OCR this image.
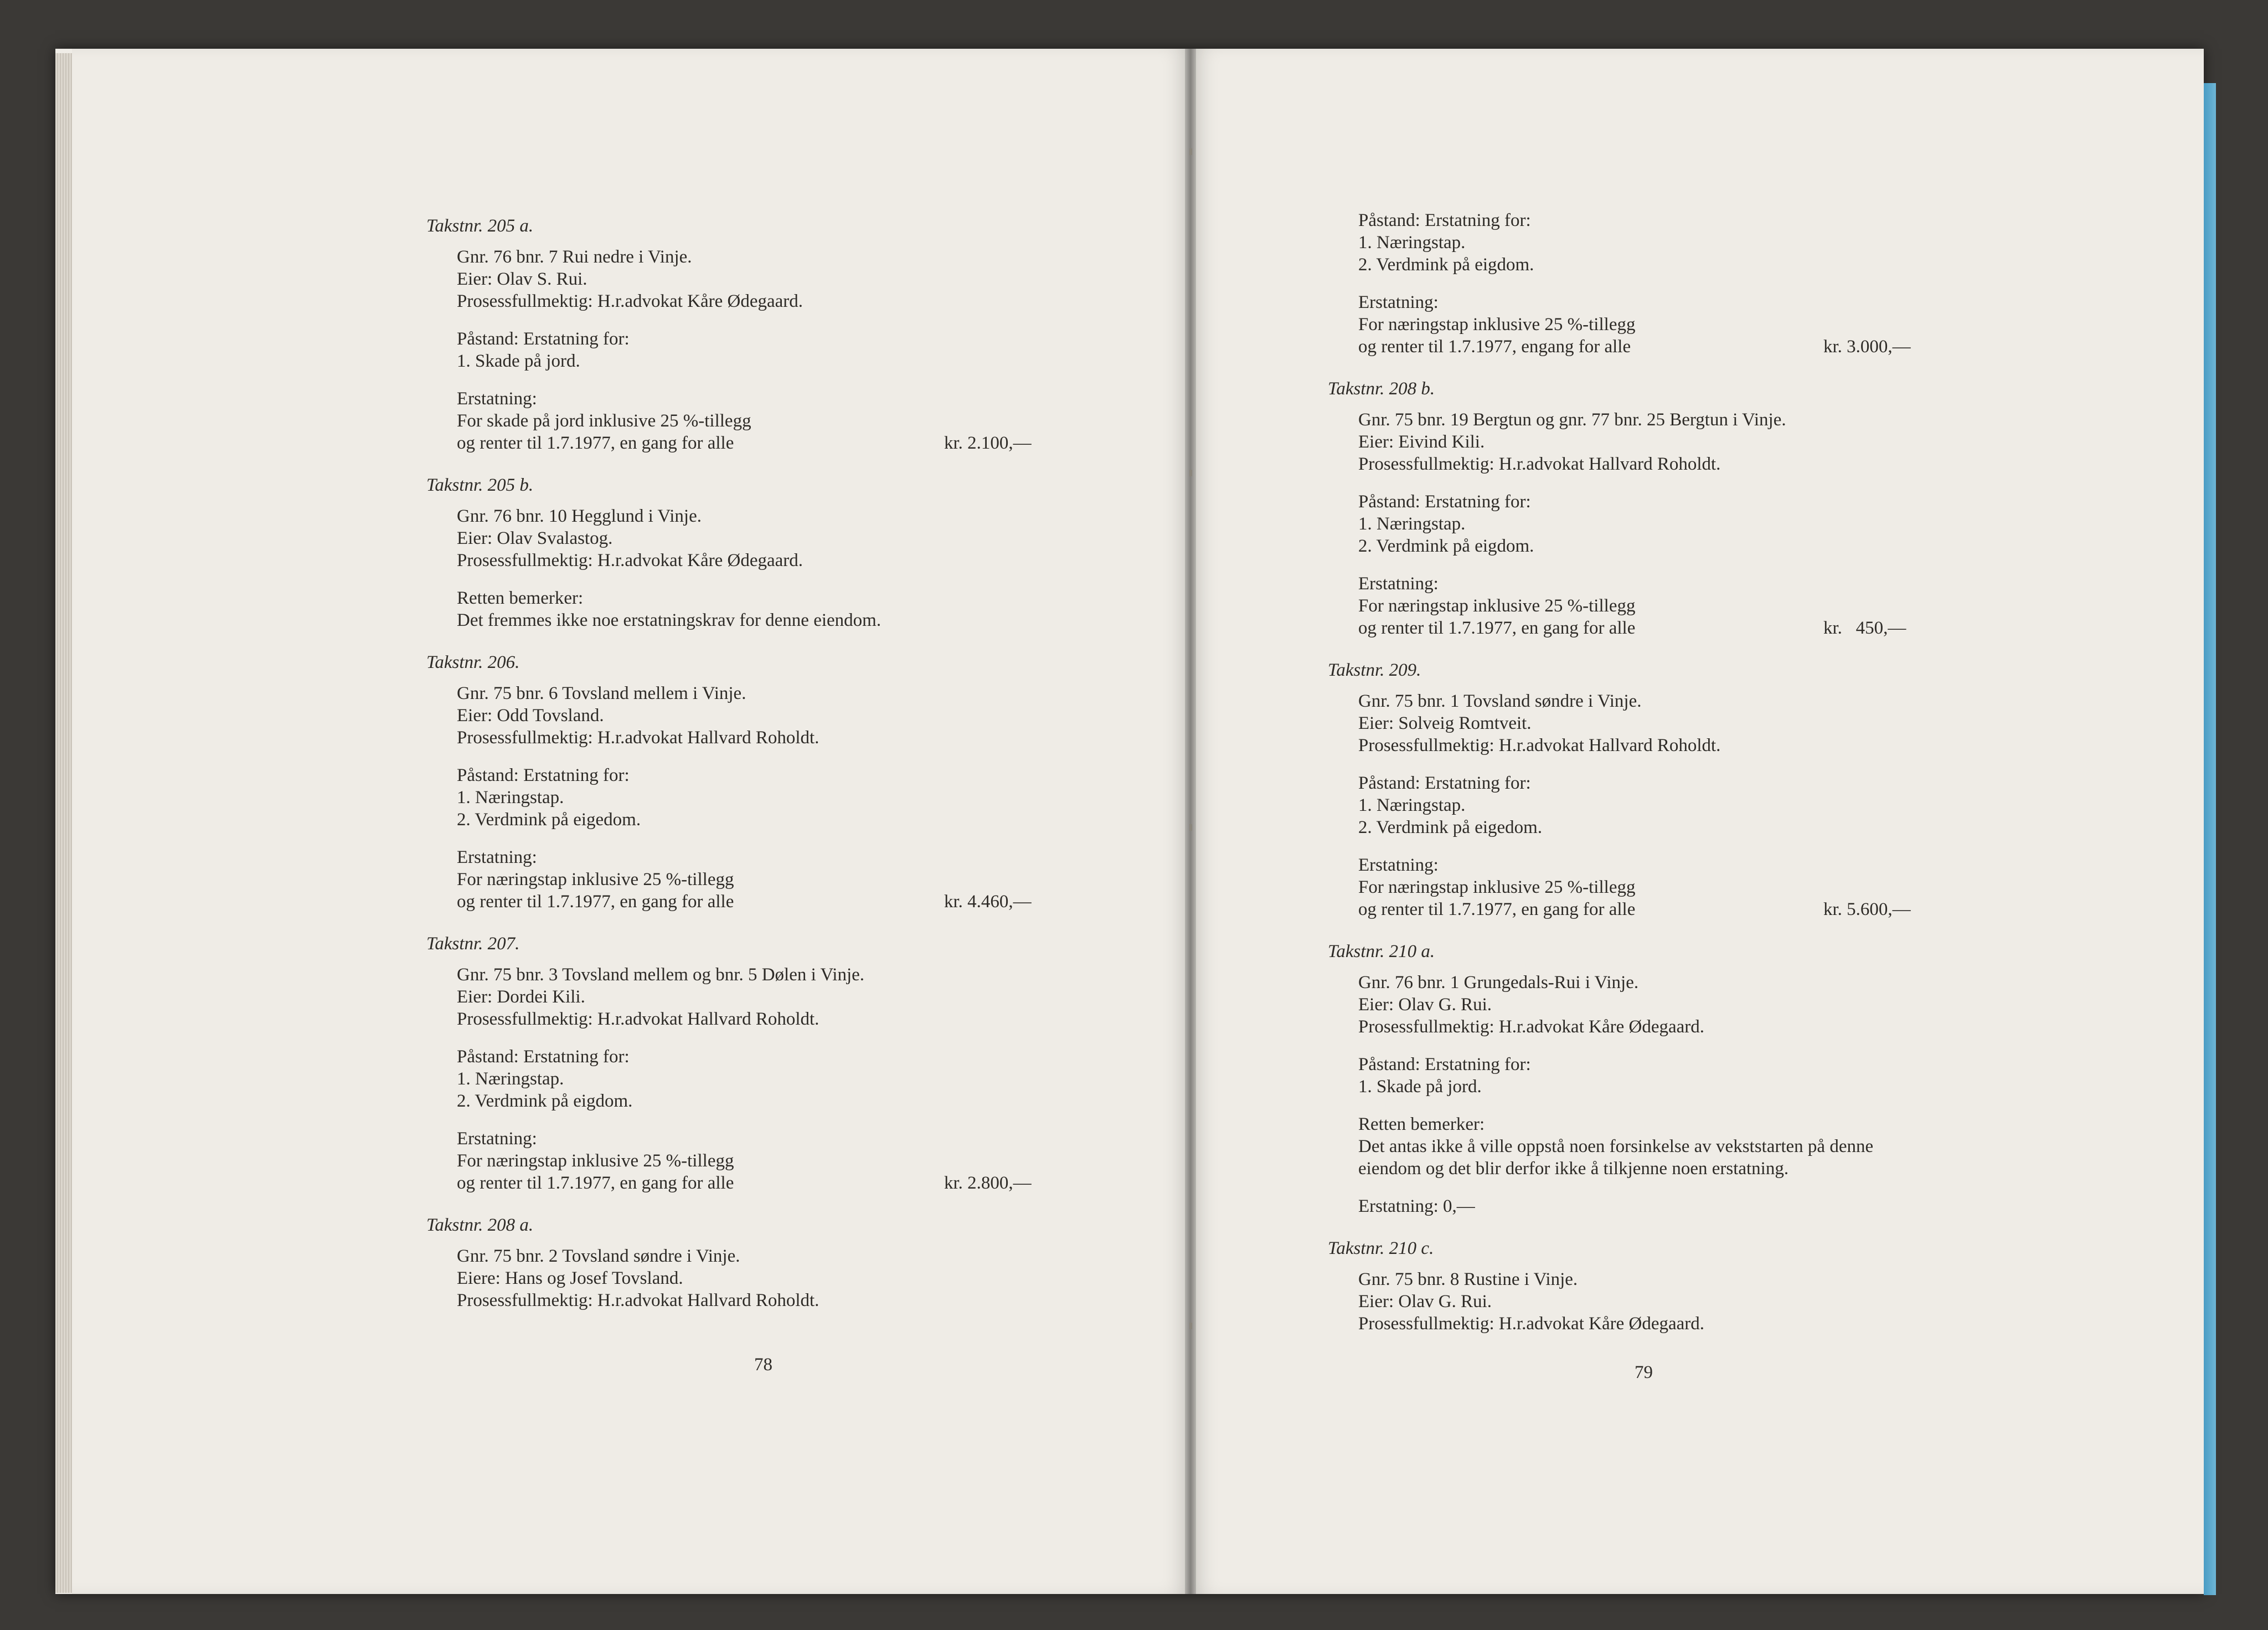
Takstnr. 205 a.
Gnr. 76 bnr. 7 Rui nedre i Vinje.
Eier: Olav S. Rui.
Prosessfullmektig: H.r.advokat Kåre Ødegaard.
Påstand: Erstatning for:
1. Skade på jord.
Erstatning:
For skade på jord inklusive 25 %-tillegg
og renter til 1.7.1977, en gang for alle	kr. 2.100,—
Takstnr. 205 b.
Gnr. 76 bnr. 10 Hegglund i Vinje.
Eier: Olav Svalastog.
Prosessfullmektig: H.r.advokat Kåre Ødegaard.
Retten bemerker:
Det fremmes ikke noe erstatningskrav for denne eiendom.
Takstnr. 206.
Gnr. 75 bnr. 6 Tovsland mellem i Vinje.
Eier: Odd Tovsland.
Prosessfullmektig: H.r.advokat Hallvard Roholdt.
Påstand: Erstatning for:
1. Næringstap.
2. Verdmink på eigedom.
Erstatning:
For næringstap inklusive 25 %-tillegg
og renter til 1.7.1977, en gang for alle	kr. 4.460,—
Takstnr. 207.
Gnr. 75 bnr. 3 Tovsland mellem og bnr. 5 Dølen i Vinje.
Eier: Dordei Kili.
Prosessfullmektig: H.r.advokat Hallvard Roholdt.
Påstand: Erstatning for:
1. Næringstap.
2. Verdmink på eigdom.
Erstatning:
For næringstap inklusive 25 %-tillegg
og renter til 1.7.1977, en gang for alle	kr. 2.800,—
Takstnr. 208 a.
Gnr. 75 bnr. 2 Tovsland søndre i Vinje.
Eiere: Hans og Josef Tovsland.
Prosessfullmektig: H.r.advokat Hallvard Roholdt.
78
Påstand: Erstatning for:
1. Næringstap.
2. Verdmink på eigdom.
Erstatning:
For næringstap inklusive 25 %-tillegg
og renter til 1.7.1977, engang for alle	kr. 3.000,—
Takstnr. 208 b.
Gnr. 75 bnr. 19 Bergtun og gnr. 77 bnr. 25 Bergtun i Vinje.
Eier: Eivind Kili.
Prosessfullmektig: H.r.advokat Hallvard Roholdt.
Påstand: Erstatning for:
1. Næringstap.
2. Verdmink på eigdom.
Erstatning:
For næringstap inklusive 25 %-tillegg
og renter til 1.7.1977, en gang for alle	kr.   450,—
Takstnr. 209.
Gnr. 75 bnr. 1 Tovsland søndre i Vinje.
Eier: Solveig Romtveit.
Prosessfullmektig: H.r.advokat Hallvard Roholdt.
Påstand: Erstatning for:
1. Næringstap.
2. Verdmink på eigedom.
Erstatning:
For næringstap inklusive 25 %-tillegg
og renter til 1.7.1977, en gang for alle	kr. 5.600,—
Takstnr. 210 a.
Gnr. 76 bnr. 1 Grungedals-Rui i Vinje.
Eier: Olav G. Rui.
Prosessfullmektig: H.r.advokat Kåre Ødegaard.
Påstand: Erstatning for:
1. Skade på jord.
Retten bemerker:
Det antas ikke å ville oppstå noen forsinkelse av vekststarten på denne
eiendom og det blir derfor ikke å tilkjenne noen erstatning.
Erstatning: 0,—
Takstnr. 210 c.
Gnr. 75 bnr. 8 Rustine i Vinje.
Eier: Olav G. Rui.
Prosessfullmektig: H.r.advokat Kåre Ødegaard.
79
